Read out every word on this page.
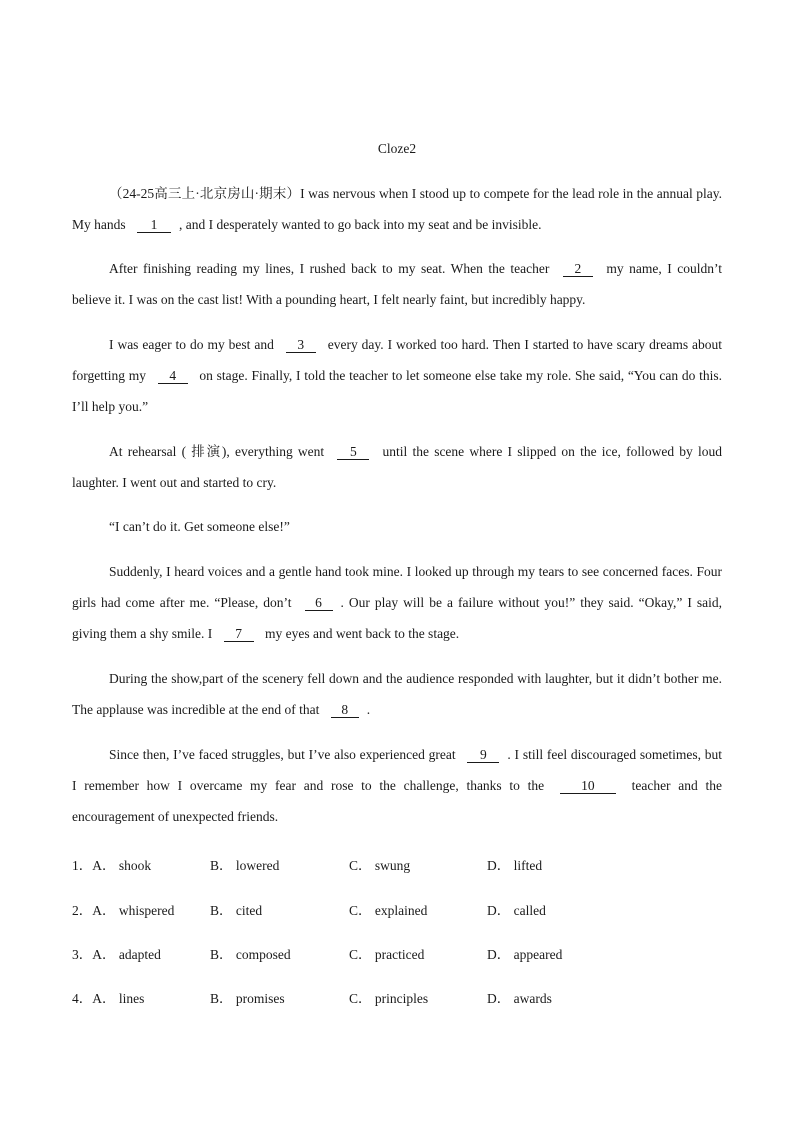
Cloze2

（24-25高三上·北京房山·期末）I was nervous when I stood up to compete for the lead role in the annual play. My hands 1 , and I desperately wanted to go back into my seat and be invisible.

After finishing reading my lines, I rushed back to my seat. When the teacher 2 my name, I couldn’t believe it. I was on the cast list! With a pounding heart, I felt nearly faint, but incredibly happy.

I was eager to do my best and 3 every day. I worked too hard. Then I started to have scary dreams about forgetting my 4 on stage. Finally, I told the teacher to let someone else take my role. She said, “You can do this. I’ll help you.”

At rehearsal ( 排演), everything went 5 until the scene where I slipped on the ice, followed by loud laughter. I went out and started to cry.

“I can’t do it. Get someone else!”

Suddenly, I heard voices and a gentle hand took mine. I looked up through my tears to see concerned faces. Four girls had come after me. “Please, don’t 6 . Our play will be a failure without you!” they said. “Okay,” I said, giving them a shy smile. I 7 my eyes and went back to the stage.

During the show,part of the scenery fell down and the audience responded with laughter, but it didn’t bother me. The applause was incredible at the end of that 8 .

Since then, I’ve faced struggles, but I’ve also experienced great 9 . I still feel discouraged sometimes, but I remember how I overcame my fear and rose to the challenge, thanks to the 10 teacher and the encouragement of unexpected friends.

1．A． shook	B． lowered	C． swung	D． lifted
2．A． whispered	B． cited	C． explained	D． called
3．A． adapted	B． composed	C． practiced	D． appeared
4．A． lines	B． promises	C． principles	D． awards
